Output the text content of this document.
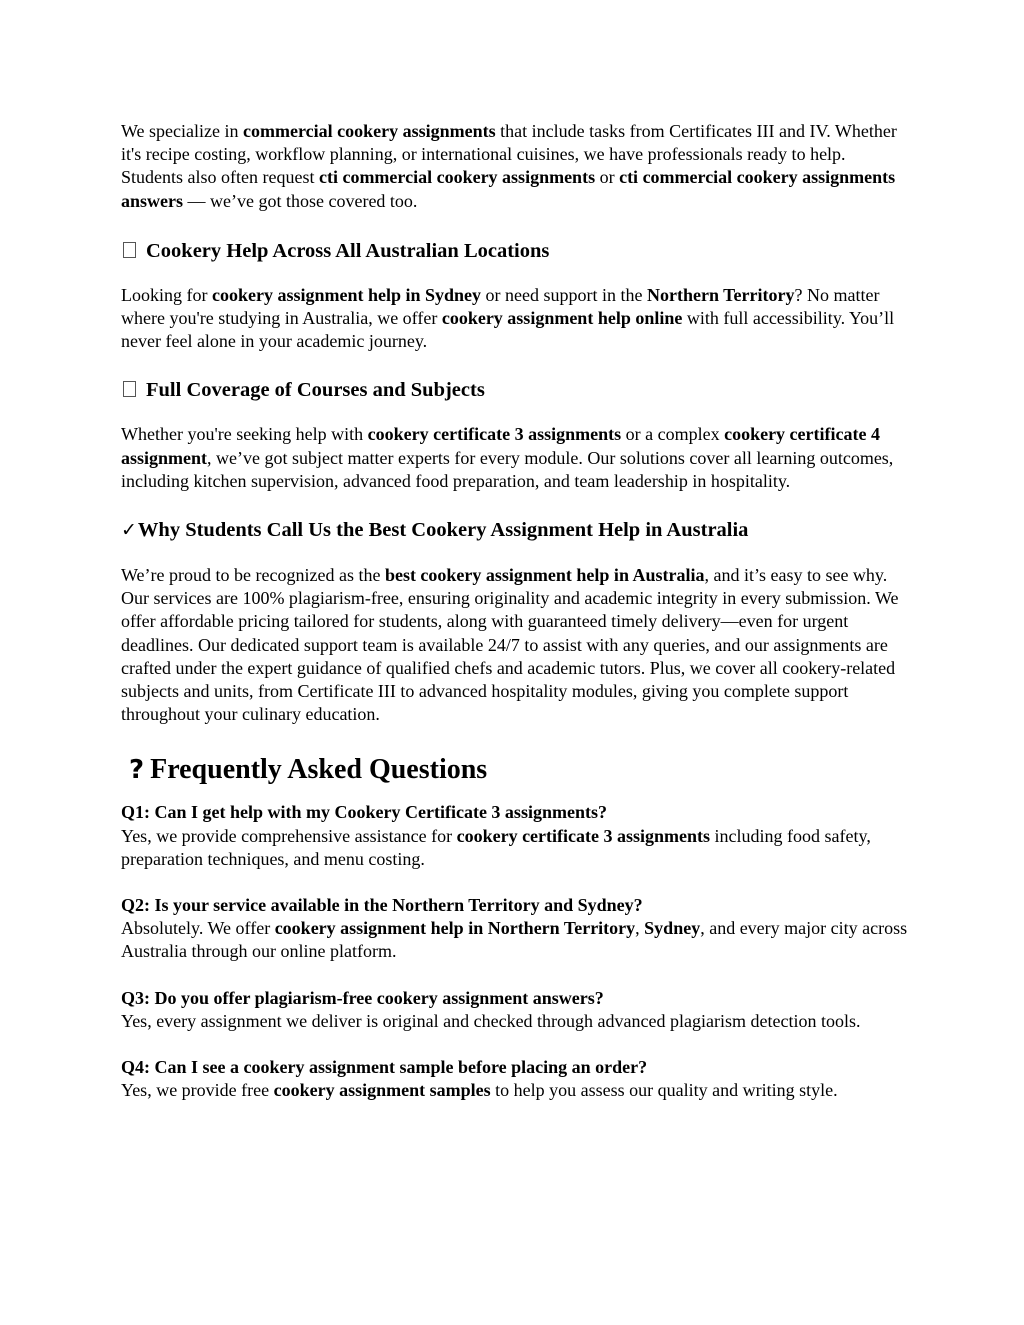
We specialize in commercial cookery assignments that include tasks from Certificates III and IV. Whether it's recipe costing, workflow planning, or international cuisines, we have professionals ready to help. Students also often request cti commercial cookery assignments or cti commercial cookery assignments answers — we’ve got those covered too.

Cookery Help Across All Australian Locations

Looking for cookery assignment help in Sydney or need support in the Northern Territory? No matter where you're studying in Australia, we offer cookery assignment help online with full accessibility. You’ll never feel alone in your academic journey.

Full Coverage of Courses and Subjects

Whether you're seeking help with cookery certificate 3 assignments or a complex cookery certificate 4 assignment, we’ve got subject matter experts for every module. Our solutions cover all learning outcomes, including kitchen supervision, advanced food preparation, and team leadership in hospitality.

✓Why Students Call Us the Best Cookery Assignment Help in Australia

We’re proud to be recognized as the best cookery assignment help in Australia, and it’s easy to see why. Our services are 100% plagiarism-free, ensuring originality and academic integrity in every submission. We offer affordable pricing tailored for students, along with guaranteed timely delivery—even for urgent deadlines. Our dedicated support team is available 24/7 to assist with any queries, and our assignments are crafted under the expert guidance of qualified chefs and academic tutors. Plus, we cover all cookery-related subjects and units, from Certificate III to advanced hospitality modules, giving you complete support throughout your culinary education.

? Frequently Asked Questions

Q1: Can I get help with my Cookery Certificate 3 assignments?
Yes, we provide comprehensive assistance for cookery certificate 3 assignments including food safety, preparation techniques, and menu costing.

Q2: Is your service available in the Northern Territory and Sydney?
Absolutely. We offer cookery assignment help in Northern Territory, Sydney, and every major city across Australia through our online platform.

Q3: Do you offer plagiarism-free cookery assignment answers?
Yes, every assignment we deliver is original and checked through advanced plagiarism detection tools.

Q4: Can I see a cookery assignment sample before placing an order?
Yes, we provide free cookery assignment samples to help you assess our quality and writing style.
